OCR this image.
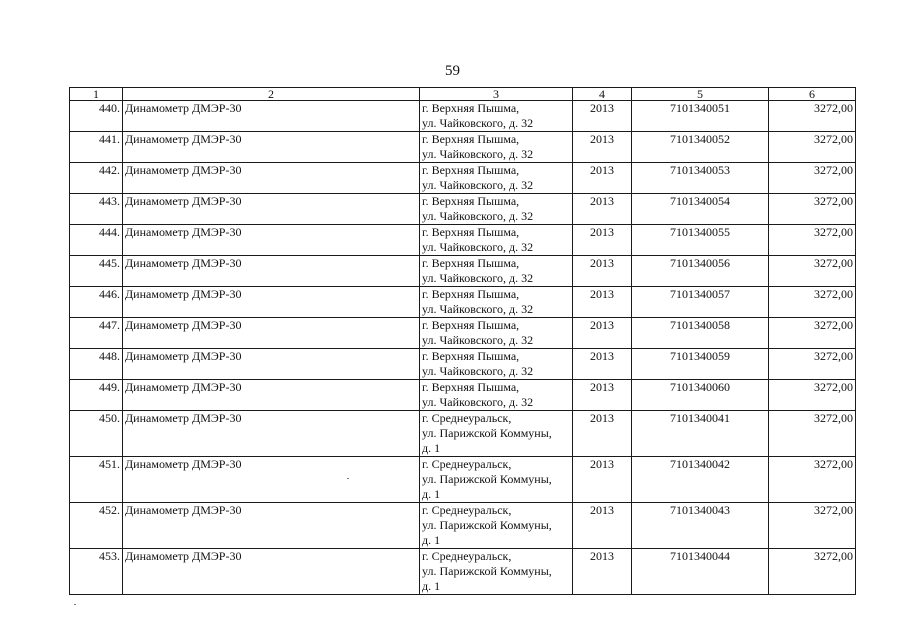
59
1	2	3	4	5	6
440.	Динамометр ДМЭР-30	г. Верхняя Пышма,
ул. Чайковского, д. 32	2013	7101340051	3272,00
441.	Динамометр ДМЭР-30	г. Верхняя Пышма,
ул. Чайковского, д. 32	2013	7101340052	3272,00
442.	Динамометр ДМЭР-30	г. Верхняя Пышма,
ул. Чайковского, д. 32	2013	7101340053	3272,00
443.	Динамометр ДМЭР-30	г. Верхняя Пышма,
ул. Чайковского, д. 32	2013	7101340054	3272,00
444.	Динамометр ДМЭР-30	г. Верхняя Пышма,
ул. Чайковского, д. 32	2013	7101340055	3272,00
445.	Динамометр ДМЭР-30	г. Верхняя Пышма,
ул. Чайковского, д. 32	2013	7101340056	3272,00
446.	Динамометр ДМЭР-30	г. Верхняя Пышма,
ул. Чайковского, д. 32	2013	7101340057	3272,00
447.	Динамометр ДМЭР-30	г. Верхняя Пышма,
ул. Чайковского, д. 32	2013	7101340058	3272,00
448.	Динамометр ДМЭР-30	г. Верхняя Пышма,
ул. Чайковского, д. 32	2013	7101340059	3272,00
449.	Динамометр ДМЭР-30	г. Верхняя Пышма,
ул. Чайковского, д. 32	2013	7101340060	3272,00
450.	Динамометр ДМЭР-30	г. Среднеуральск,
ул. Парижской Коммуны,
д. 1	2013	7101340041	3272,00
451.	Динамометр ДМЭР-30	г. Среднеуральск,
ул. Парижской Коммуны,
д. 1	2013	7101340042	3272,00
452.	Динамометр ДМЭР-30	г. Среднеуральск,
ул. Парижской Коммуны,
д. 1	2013	7101340043	3272,00
453.	Динамометр ДМЭР-30	г. Среднеуральск,
ул. Парижской Коммуны,
д. 1	2013	7101340044	3272,00
